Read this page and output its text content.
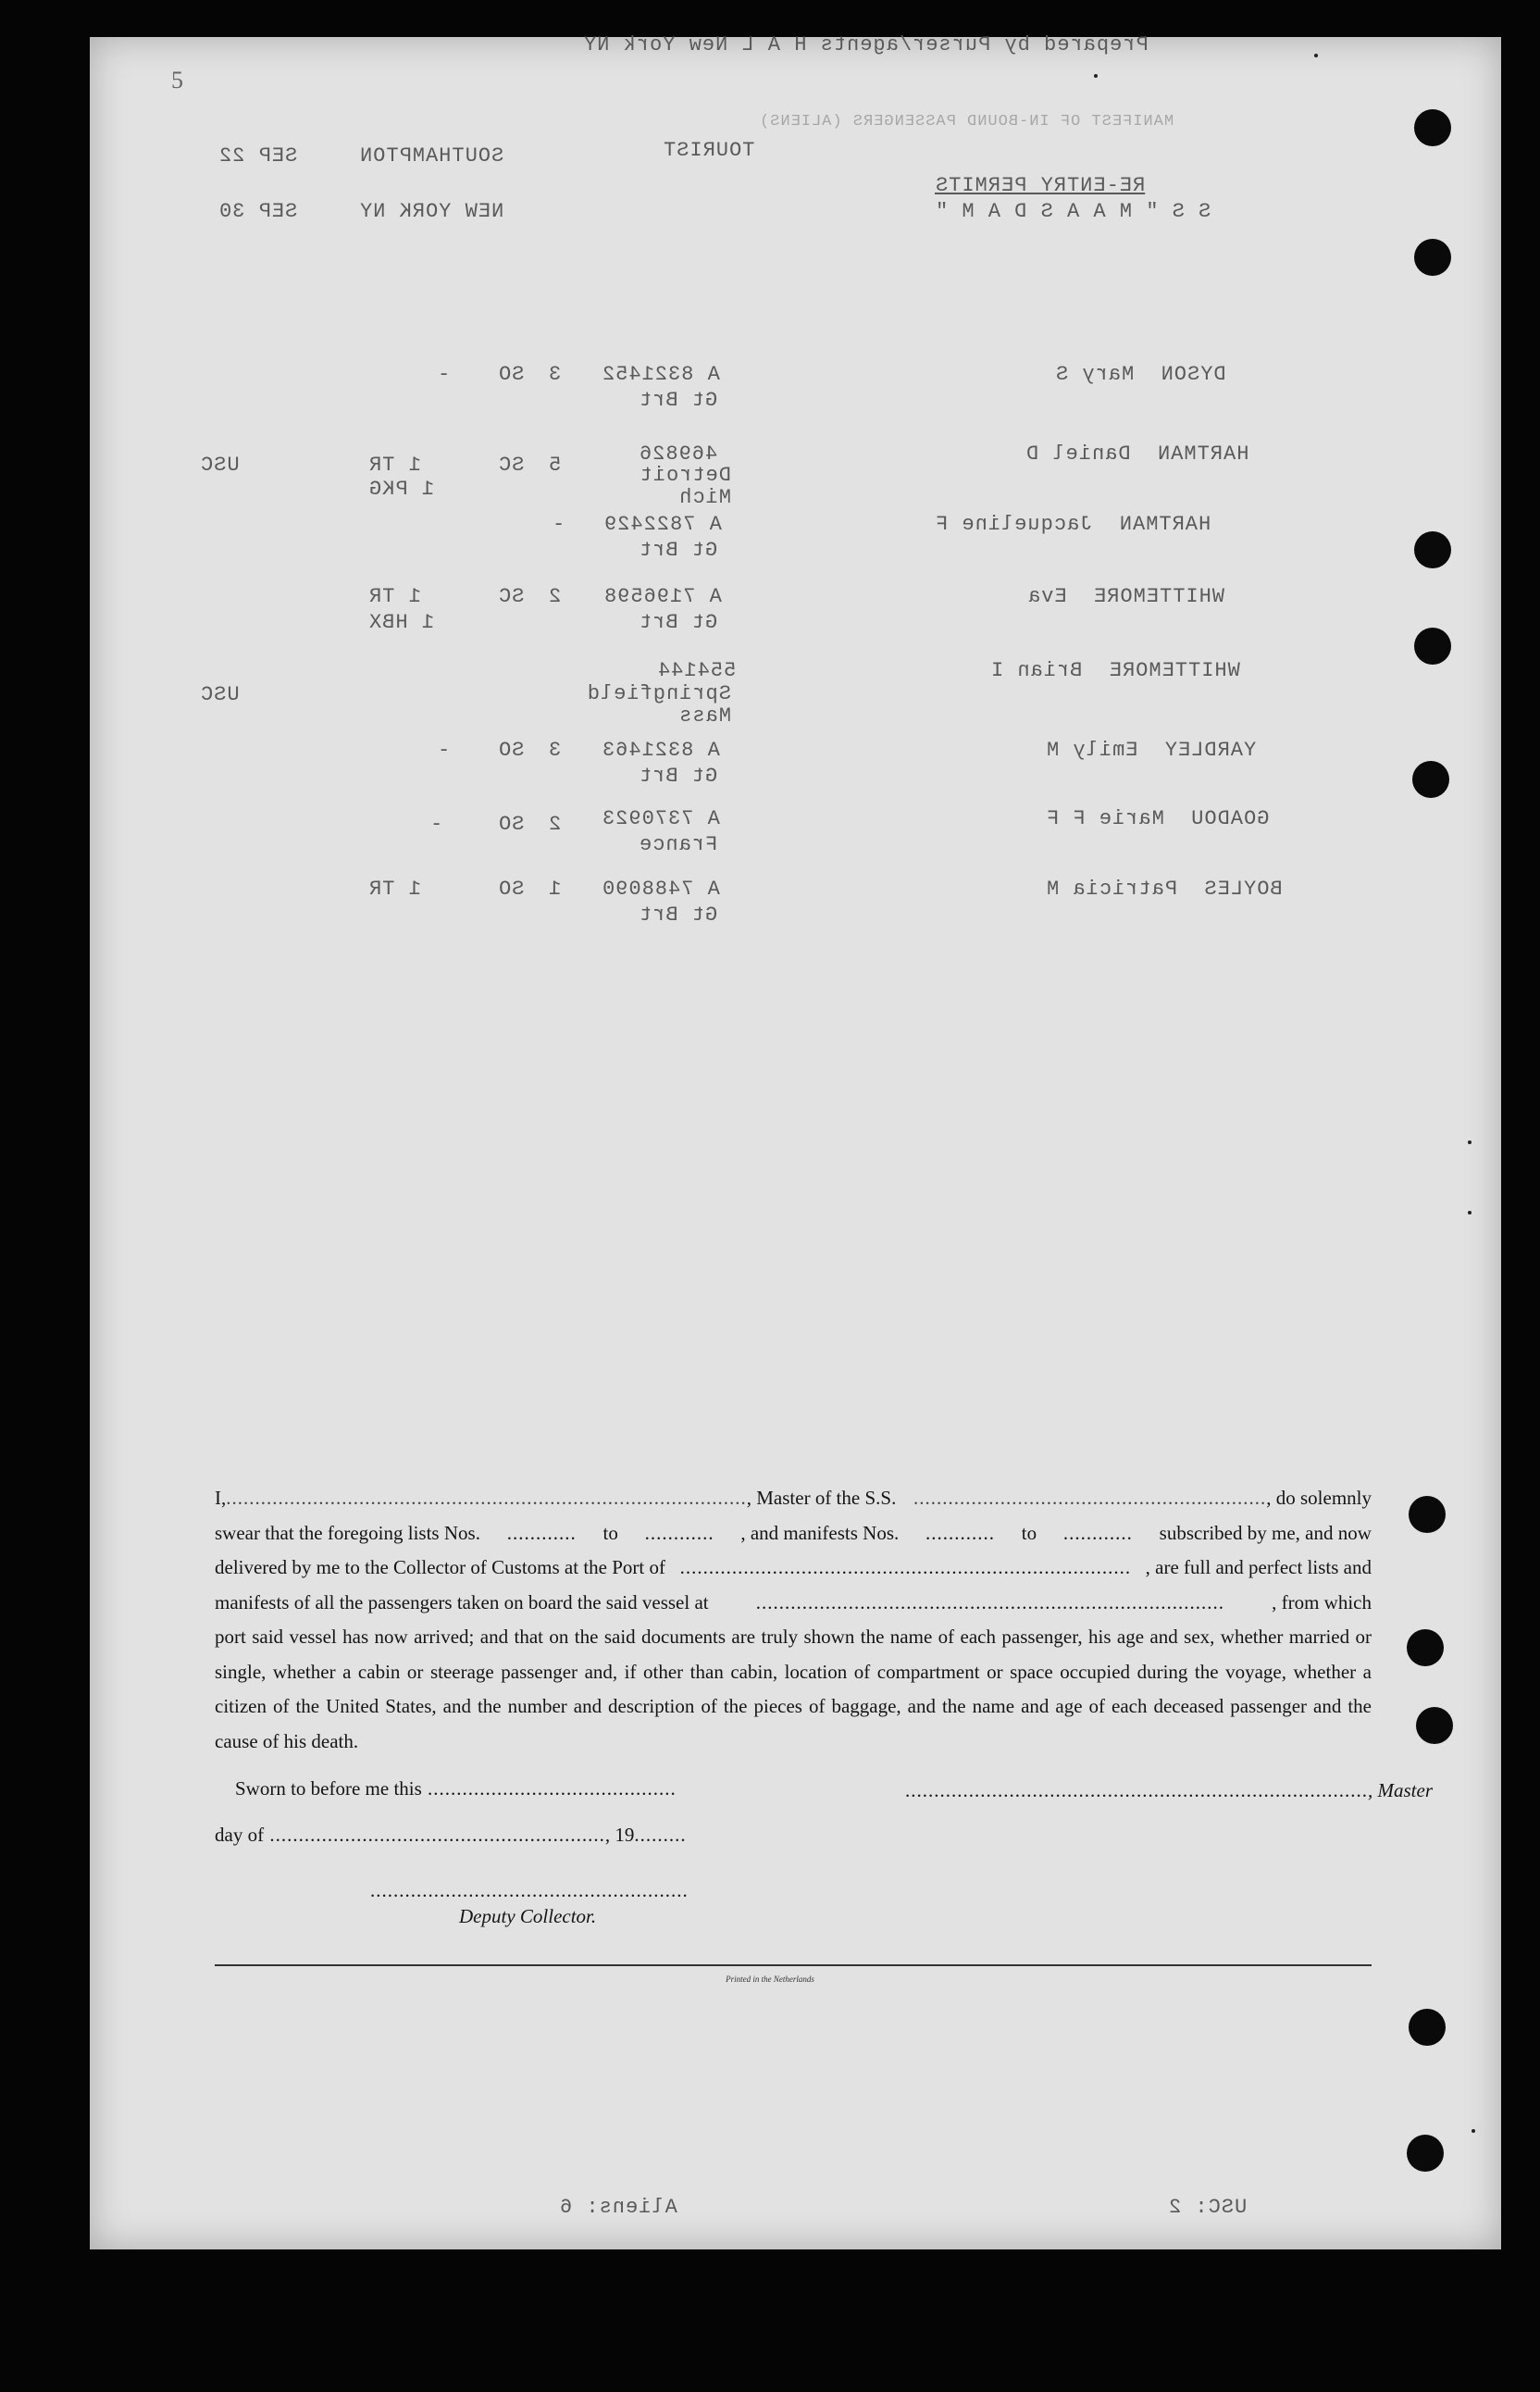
5
Prepared by Purser/agents H A L New York NY
MANIFEST OF IN-BOUND PASSENGERS (ALIENS)
TOURIST
SOUTHAMPTON
SEP 22
NEW YORK NY
SEP 30
RE-ENTRY PERMITS
S S " M A A S D A M "
DYSON  Mary S
A 8321452
Gt Brt
3
SO
-
HARTMAN  Daniel D
469826
Detroit Mich
5
SC
1 TR
1 PKG
USC
HARTMAN  Jacqueline F
A 7822429
Gt Brt
-
WHITTEMORE  Eva
A 7196598
Gt Brt
2
SC
1 TR
1 HBX
WHITTEMORE  Brian I
554144
Springfield Mass
USC
YARDLEY  Emily M
A 8321463
Gt Brt
3
SO
-
GOADOU  Marie F F
A 7370923
France
2
SO
-
BOYLES  Patricia M
A 7488090
Gt Brt
1
SO
1 TR
Aliens: 6	USC: 2

I,.........................................................................................., Master of the S.S. ............................................................., do solemnly

swear that the foregoing lists Nos. ............ to ............ , and manifests Nos. ............ to ............ subscribed by me, and now

delivered by me to the Collector of Customs at the Port of .............................................................................. , are full and perfect lists and

manifests of all the passengers taken on board the said vessel at ................................................................................. , from which

port said vessel has now arrived; and that on the said documents are truly shown the name of each passenger, his age and sex, whether married or single, whether a cabin or steerage passenger and, if other than cabin, location of compartment or space occupied during the voyage, whether a citizen of the United States, and the number and description of the pieces of baggage, and the name and age of each deceased passenger and the cause of his death.

Sworn to before me this ...........................................	................................................................................, Master
day of .........................................................., 19.........
.......................................................
Deputy Collector.
Printed in the Netherlands
